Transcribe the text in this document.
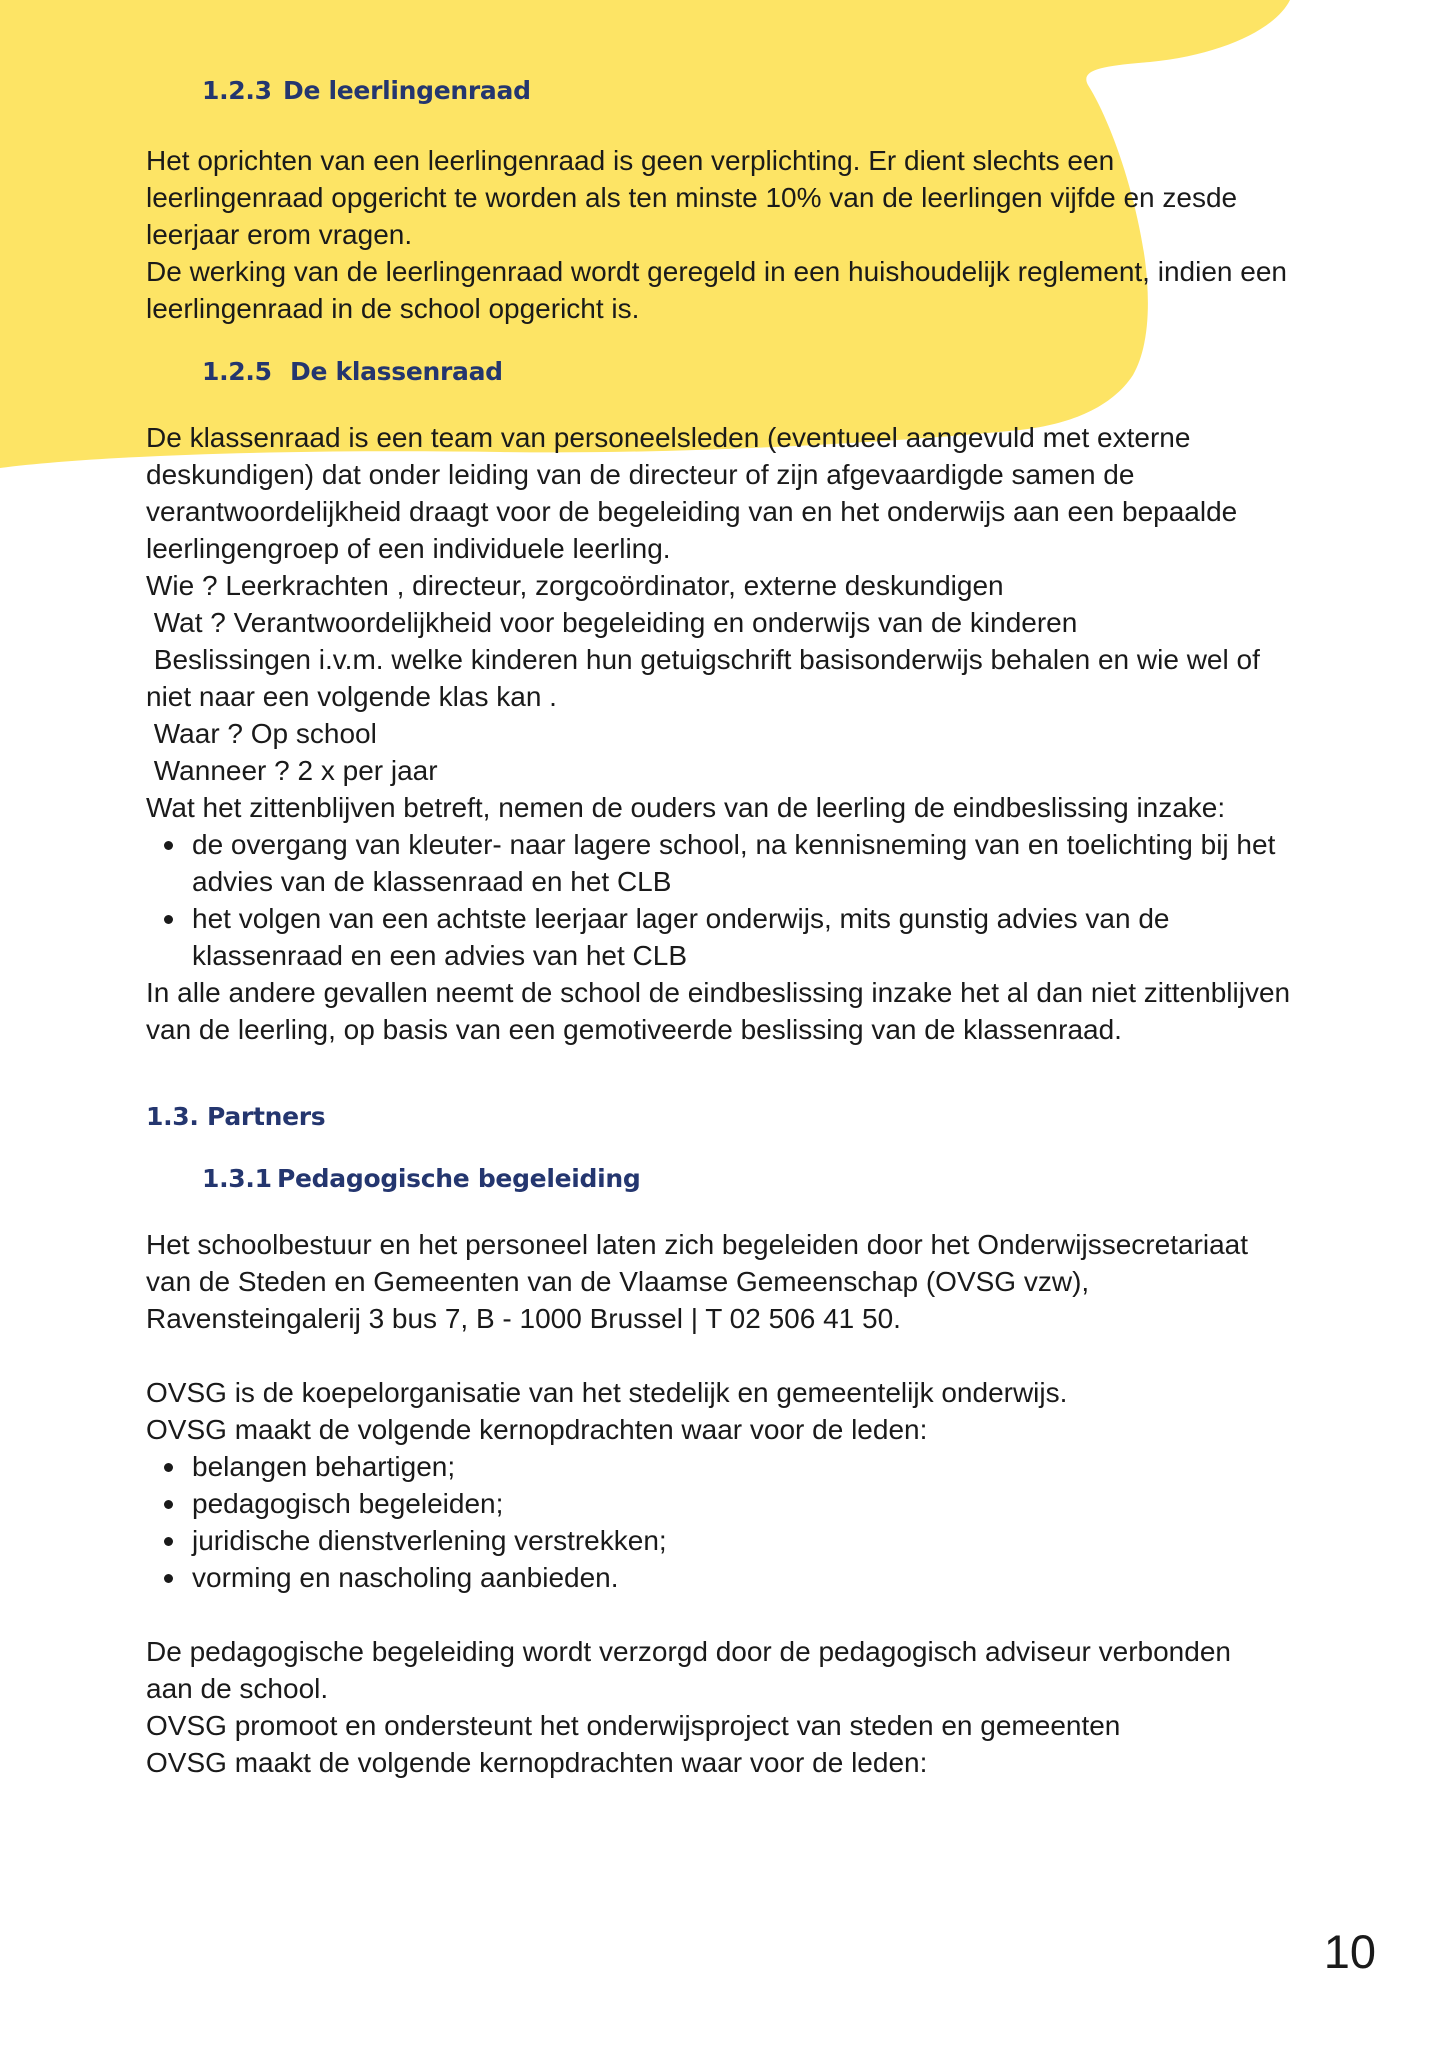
1.2.3 De leerlingenraad

Het oprichten van een leerlingenraad is geen verplichting. Er dient slechts een

leerlingenraad opgericht te worden als ten minste 10% van de leerlingen vijfde en zesde

leerjaar erom vragen.

De werking van de leerlingenraad wordt geregeld in een huishoudelijk reglement, indien een

leerlingenraad in de school opgericht is.

1.2.5 De klassenraad

De klassenraad is een team van personeelsleden (eventueel aangevuld met externe

deskundigen) dat onder leiding van de directeur of zijn afgevaardigde samen de

verantwoordelijkheid draagt voor de begeleiding van en het onderwijs aan een bepaalde

leerlingengroep of een individuele leerling.

Wie ? Leerkrachten , directeur, zorgcoördinator, externe deskundigen

Wat ? Verantwoordelijkheid voor begeleiding en onderwijs van de kinderen

Beslissingen i.v.m. welke kinderen hun getuigschrift basisonderwijs behalen en wie wel of

niet naar een volgende klas kan .

Waar ? Op school

Wanneer ? 2 x per jaar

Wat het zittenblijven betreft, nemen de ouders van de leerling de eindbeslissing inzake:

de overgang van kleuter- naar lagere school, na kennisneming van en toelichting bij het

advies van de klassenraad en het CLB

het volgen van een achtste leerjaar lager onderwijs, mits gunstig advies van de

klassenraad en een advies van het CLB

In alle andere gevallen neemt de school de eindbeslissing inzake het al dan niet zittenblijven

van de leerling, op basis van een gemotiveerde beslissing van de klassenraad.

1.3. Partners
1.3.1 Pedagogische begeleiding

Het schoolbestuur en het personeel laten zich begeleiden door het Onderwijssecretariaat

van de Steden en Gemeenten van de Vlaamse Gemeenschap (OVSG vzw),

Ravensteingalerij 3 bus 7, B - 1000 Brussel | T 02 506 41 50.

OVSG is de koepelorganisatie van het stedelijk en gemeentelijk onderwijs.

OVSG maakt de volgende kernopdrachten waar voor de leden:

belangen behartigen;

pedagogisch begeleiden;

juridische dienstverlening verstrekken;

vorming en nascholing aanbieden.

De pedagogische begeleiding wordt verzorgd door de pedagogisch adviseur verbonden

aan de school.

OVSG promoot en ondersteunt het onderwijsproject van steden en gemeenten

OVSG maakt de volgende kernopdrachten waar voor de leden:

10
